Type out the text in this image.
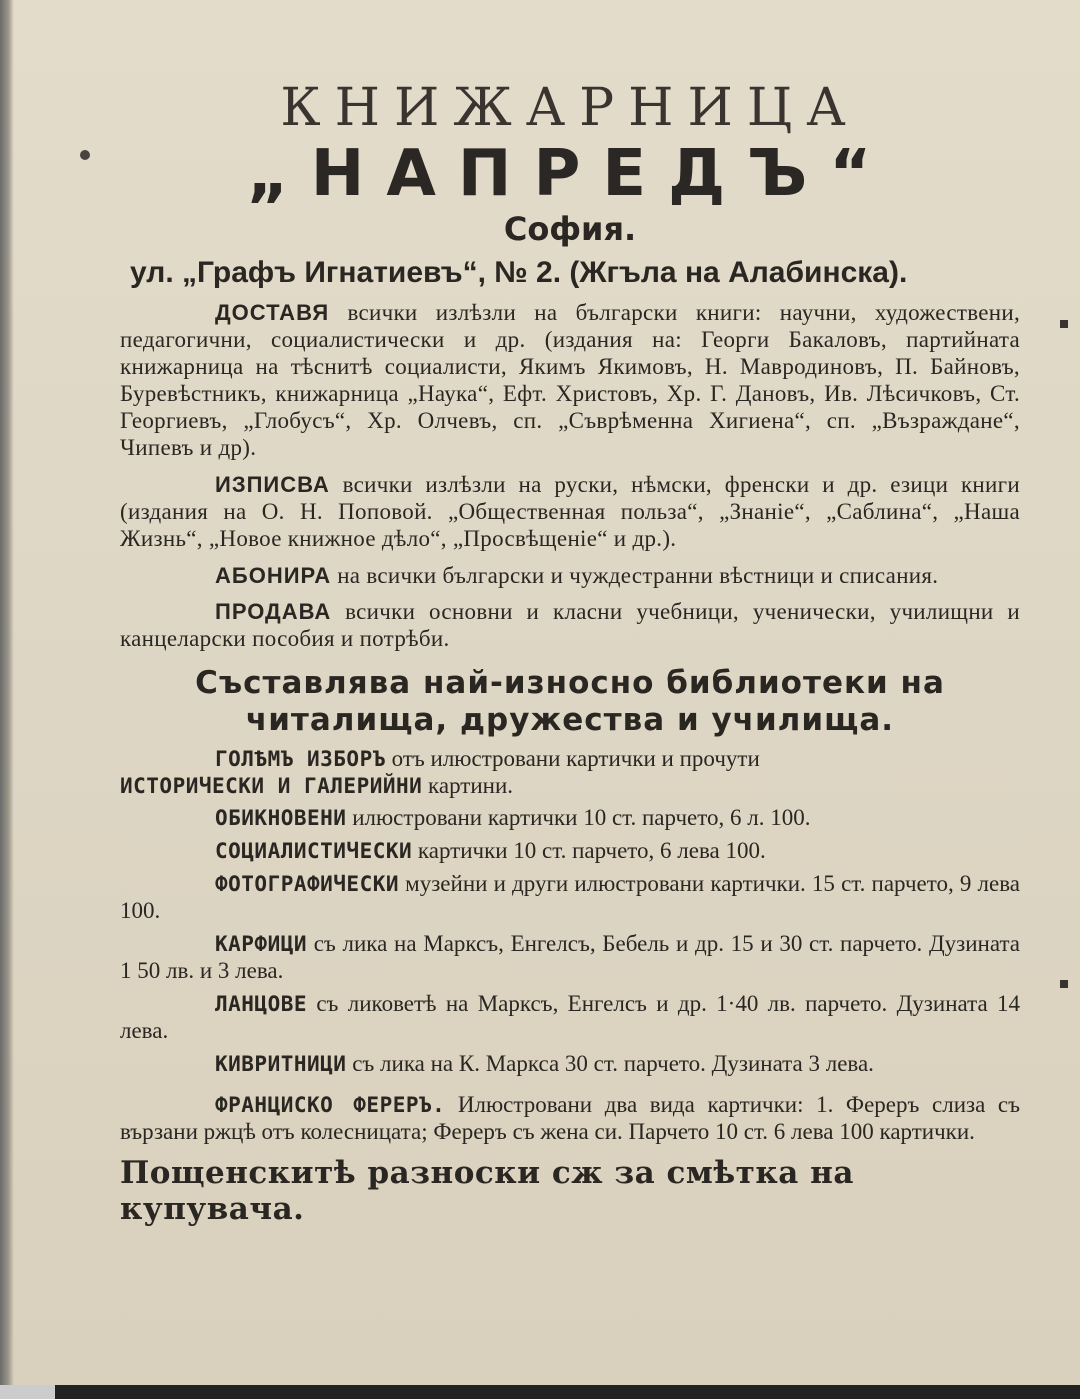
КНИЖАРНИЦА
„НАПРЕДЪ“
София.
ул. „Графъ Игнатиевъ“, № 2. (Жгъла на Алабинска).

ДОСТАВЯ всички излѣзли на български книги: научни, художествени, педагогични, социалистически и др. (издания на: Георги Бакаловъ, партийната книжарница на тѣснитѣ социалисти, Якимъ Якимовъ, Н. Мавродиновъ, П. Байновъ, Буревѣстникъ, книжарница „Наука“, Ефт. Христовъ, Хр. Г. Дановъ, Ив. Лѣсичковъ, Ст. Георгиевъ, „Глобусъ“, Хр. Олчевъ, сп. „Съврѣменна Хигиена“, сп. „Възраждане“, Чипевъ и др).

ИЗПИСВА всички излѣзли на руски, нѣмски, френски и др. езици книги (издания на О. Н. Поповой. „Общественная польза“, „Знаніе“, „Саблина“, „Наша Жизнь“, „Новое книжное дѣло“, „Просвѣщеніе“ и др.).

АБОНИРА на всички български и чуждестранни вѣстници и списания.

ПРОДАВА всички основни и класни учебници, ученически, училищни и канцеларски пособия и потрѣби.

Съставлява най-износно библиотеки на читалища, дружества и училища.
ГОЛѢМЪ ИЗБОРЪ отъ илюстровани картички и прочути
ИСТОРИЧЕСКИ И ГАЛЕРИЙНИ картини.
ОБИКНОВЕНИ илюстровани картички 10 ст. парчето, 6 л. 100.
СОЦИАЛИСТИЧЕСКИ картички 10 ст. парчето, 6 лева 100.
ФОТОГРАФИЧЕСКИ музейни и други илюстровани картички. 15 ст. парчето, 9 лева 100.
КАРФИЦИ съ лика на Марксъ, Енгелсъ, Бебель и др. 15 и 30 ст. парчето. Дузината 1 50 лв. и 3 лева.
ЛАНЦОВЕ съ ликоветѣ на Марксъ, Енгелсъ и др. 1·40 лв. парчето. Дузината 14 лева.
КИВРИТНИЦИ съ лика на К. Маркса 30 ст. парчето. Дузината 3 лева.
ФРАНЦИСКО ФЕРЕРЪ. Илюстровани два вида картички: 1. Фереръ слиза съ вързани ржцѣ отъ колесницата; Фереръ съ жена си. Парчето 10 ст. 6 лева 100 картички.
Пощенскитѣ разноски сж за смѣтка на купувача.
